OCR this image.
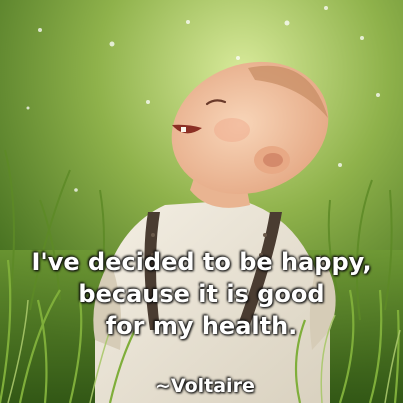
I've decided to be happy,
because it is good
for my health.
~Voltaire
